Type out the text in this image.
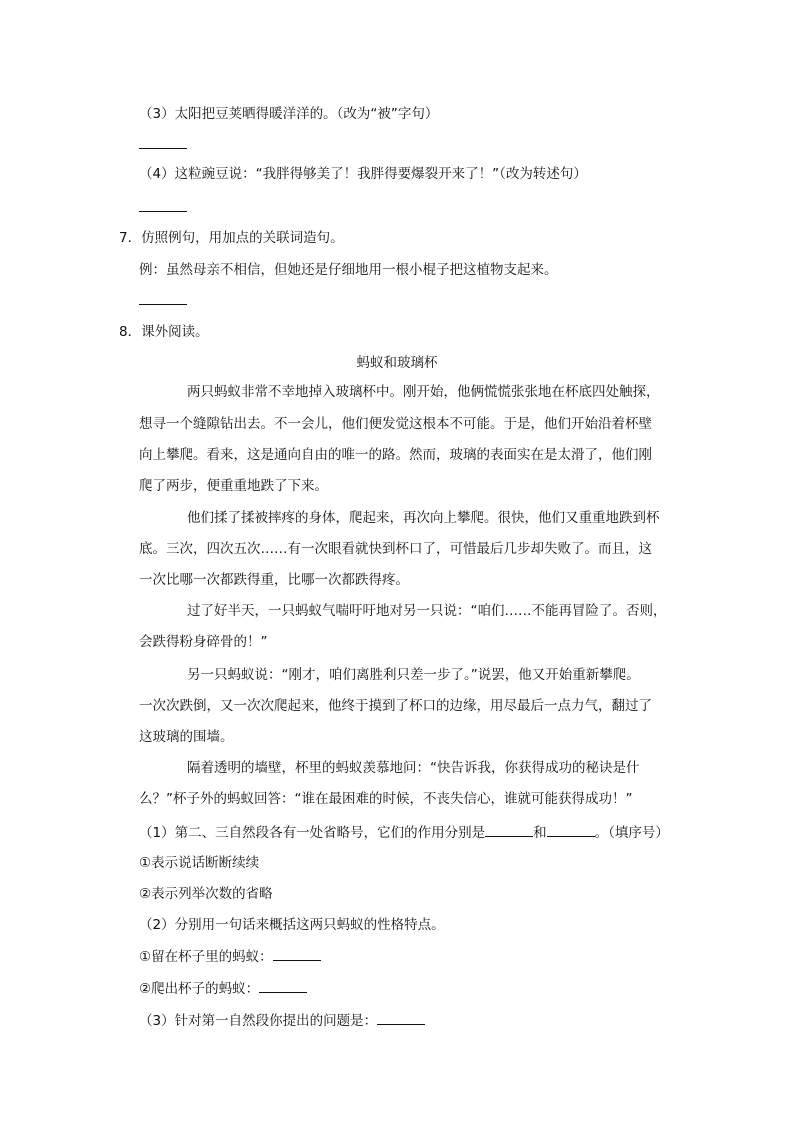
（3）太阳把豆荚晒得暖洋洋的。（改为“被”字句）
（4）这粒豌豆说：“我胖得够美了！我胖得要爆裂开来了！”（改为转述句）
7．仿照例句，用加点的关联词造句。
例：虽然母亲不相信，但她还是仔细地用一根小棍子把这植物支起来。
8．课外阅读。
蚂蚁和玻璃杯
两只蚂蚁非常不幸地掉入玻璃杯中。刚开始，他俩慌慌张张地在杯底四处触探，
想寻一个缝隙钻出去。不一会儿，他们便发觉这根本不可能。于是，他们开始沿着杯壁
向上攀爬。看来，这是通向自由的唯一的路。然而，玻璃的表面实在是太滑了，他们刚
爬了两步，便重重地跌了下来。
他们揉了揉被摔疼的身体，爬起来，再次向上攀爬。很快，他们又重重地跌到杯
底。三次，四次五次……有一次眼看就快到杯口了，可惜最后几步却失败了。而且，这
一次比哪一次都跌得重，比哪一次都跌得疼。
过了好半天，一只蚂蚁气喘吁吁地对另一只说：“咱们……不能再冒险了。否则，
会跌得粉身碎骨的！”
另一只蚂蚁说：“刚才，咱们离胜利只差一步了。”说罢，他又开始重新攀爬。
一次次跌倒，又一次次爬起来，他终于摸到了杯口的边缘，用尽最后一点力气，翻过了
这玻璃的围墙。
隔着透明的墙壁，杯里的蚂蚁羡慕地问：“快告诉我，你获得成功的秘诀是什
么？”杯子外的蚂蚁回答：“谁在最困难的时候，不丧失信心，谁就可能获得成功！”
（1）第二、三自然段各有一处省略号，它们的作用分别是	和	。（填序号）
①表示说话断断续续
②表示列举次数的省略
（2）分别用一句话来概括这两只蚂蚁的性格特点。
①留在杯子里的蚂蚁：
②爬出杯子的蚂蚁：
（3）针对第一自然段你提出的问题是：
